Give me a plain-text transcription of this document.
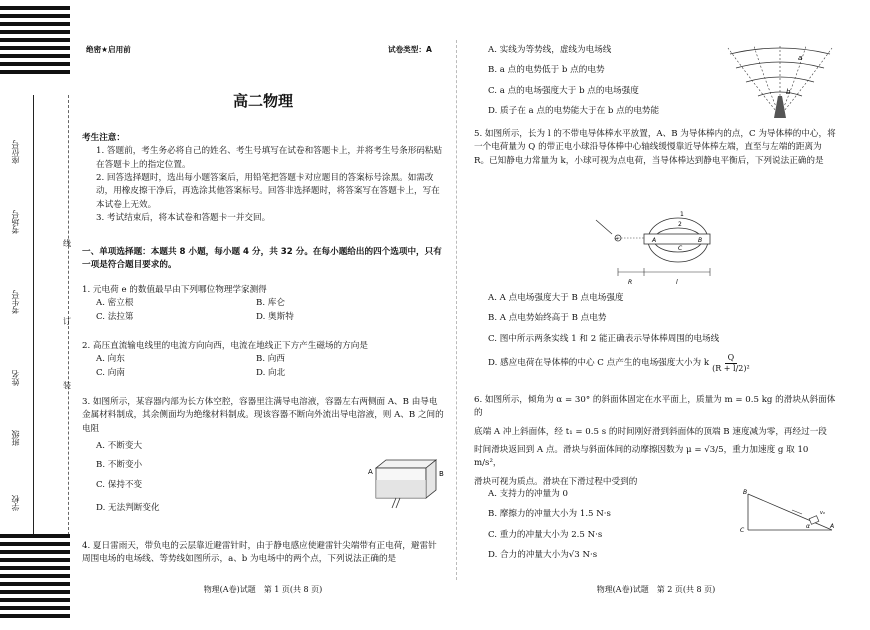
座位号
考场号
考生号
姓名
班级
学校
线
订
装
绝密★启用前	试卷类型：A
高二物理

考生注意：

1. 答题前，考生务必将自己的姓名、考生号填写在试卷和答题卡上，并将考生号条形码粘贴在答题卡上的指定位置。

2. 回答选择题时，选出每小题答案后，用铅笔把答题卡对应题目的答案标号涂黑。如需改动，用橡皮擦干净后，再选涂其他答案标号。回答非选择题时，将答案写在答题卡上，写在本试卷上无效。

3. 考试结束后，将本试卷和答题卡一并交回。

一、单项选择题：本题共 8 小题，每小题 4 分，共 32 分。在每小题给出的四个选项中，只有一项是符合题目要求的。

1. 元电荷 e 的数值最早由下列哪位物理学家测得

A. 密立根	B. 库仑
C. 法拉第	D. 奥斯特

2. 高压直流输电线里的电流方向向西，电流在地线正下方产生磁场的方向是

A. 向东	B. 向西
C. 向南	D. 向北

3. 如图所示，某容器内部为长方体空腔，容器里注满导电溶液，容器左右两侧面 A、B 由导电金属材料制成，其余侧面均为绝缘材料制成。现该容器不断向外流出导电溶液，则 A、B 之间的电阻

A. 不断变大

B. 不断变小

C. 保持不变

D. 无法判断变化

A	B
4. 夏日雷雨天，带负电的云层靠近避雷针时，由于静电感应使避雷针尖端带有正电荷，避雷针周围电场的电场线、等势线如图所示，a、b 为电场中的两个点，下列说法正确的是
物理(A卷)试题　第 1 页(共 8 页)

A. 实线为等势线，虚线为电场线

B. a 点的电势低于 b 点的电势

C. a 点的电场强度大于 b 点的电场强度

D. 质子在 a 点的电势能大于在 b 点的电势能

a
b
5. 如图所示，长为 l 的不带电导体棒水平放置，A、B 为导体棒内的点，C 为导体棒的中心，将一个电荷量为 Q 的带正电小球沿导体棒中心轴线缓慢靠近导体棒左端，直至与左端的距离为 R。已知静电力常量为 k，小球可视为点电荷，当导体棒达到静电平衡后，下列说法正确的是
+	A
C
B
1
2
R	l

A. A 点电场强度大于 B 点电场强度

B. A 点电势始终高于 B 点电势

C. 图中所示两条实线 1 和 2 能正确表示导体棒周围的电场线

D. 感应电荷在导体棒的中心 C 点产生的电场强度大小为 k $\frac{Q}{\text{(R + l/2)²}}$

6. 如图所示，倾角为 α = 30° 的斜面体固定在水平面上，质量为 m = 0.5 kg 的滑块从斜面体的

底端 A 冲上斜面体，经 t₁ = 0.5 s 的时间刚好滑到斜面体的顶端 B 速度减为零，再经过一段

时间滑块返回到 A 点。滑块与斜面体间的动摩擦因数为 μ = √3/5，重力加速度 g 取 10 m/s²，

滑块可视为质点。滑块在下滑过程中受到的

A. 支持力的冲量为 0

B. 摩擦力的冲量大小为 1.5 N·s

C. 重力的冲量大小为 2.5 N·s

D. 合力的冲量大小为√3 N·s

B
C
A
α
v₀
物理(A卷)试题　第 2 页(共 8 页)
